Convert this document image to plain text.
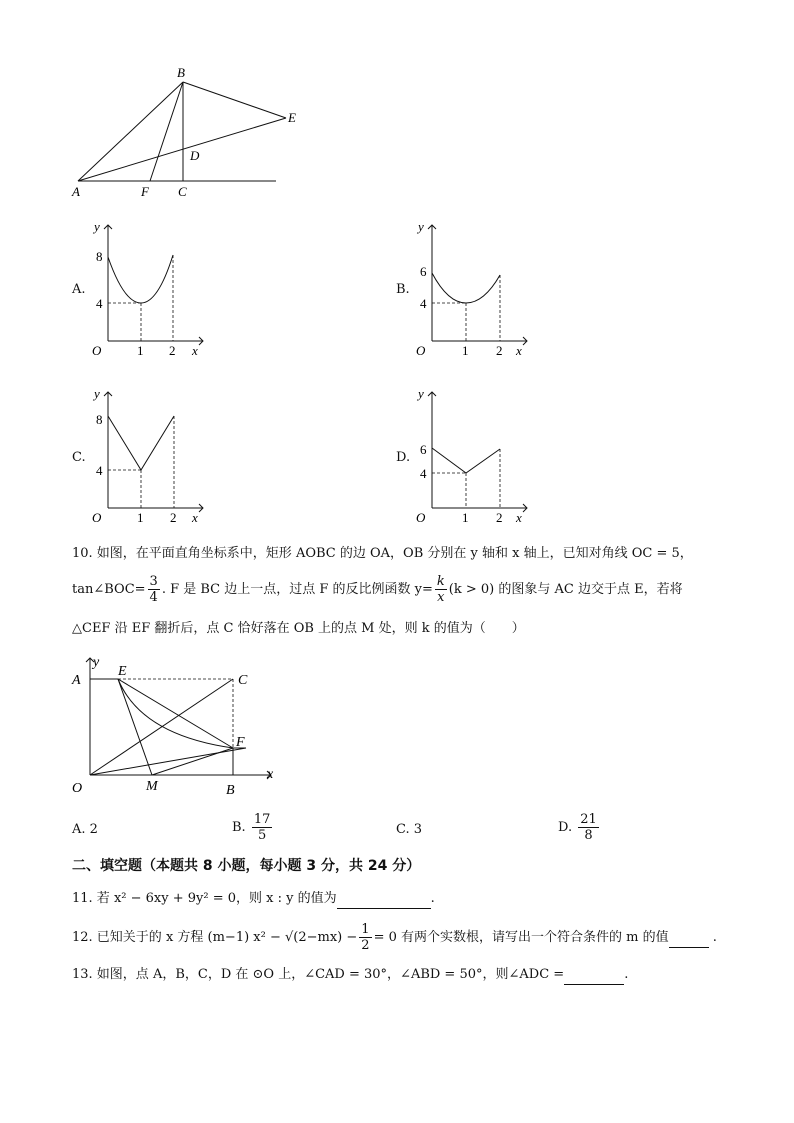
B
E
D
A	F C
A.
y
8
4
O	1 2 x
B.
y
6
4
O	1 2 x
C.
y
8
4
O	1 2 x
D.
y
6
4
O	1 2 x
10. 如图，在平面直角坐标系中，矩形 AOBC 的边 OA，OB 分别在 y 轴和 x 轴上，已知对角线 OC = 5，
tan∠BOC= $\frac{3}{4}$ . F 是 BC 边上一点，过点 F 的反比例函数 $y= \frac{k}{x} (k > 0)$ 的图象与 AC 边交于点 E，若将
△CEF 沿 EF 翻折后，点 C 恰好落在 OB 上的点 M 处，则 k 的值为（　　）
y
E
A	C
F
x
O	M	B
A. 2	B. $\frac{17}{5}$	C. 3	D. $\frac{21}{8}$
二、填空题（本题共 8 小题，每小题 3 分，共 24 分）
11. 若 x² − 6xy + 9y² = 0，则 x : y 的值为	.
12. 已知关于的 x 方程 (m−1) $x^2 - √(2-mx) - \frac{1}{2} = 0$ 有两个实数根，请写出一个符合条件的 m 的值	.
13. 如图，点 A，B，C，D 在 ⊙O 上，∠CAD = 30°，∠ABD = 50°，则∠ADC =	.
